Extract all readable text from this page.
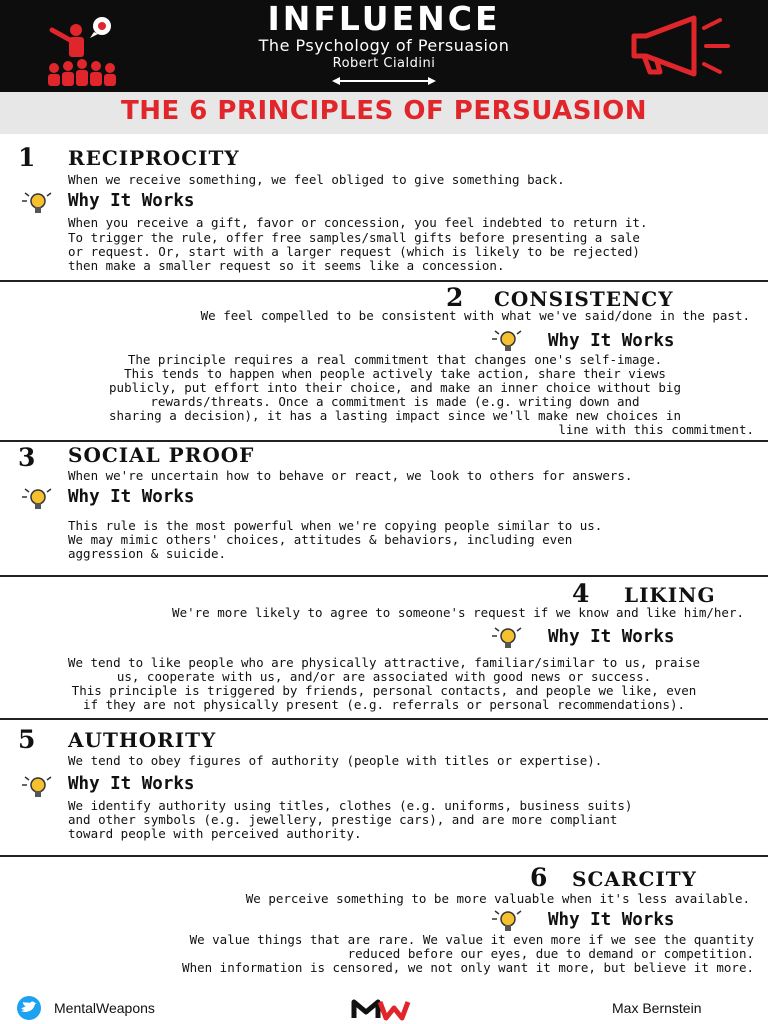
INFLUENCE
The Psychology of Persuasion
Robert Cialdini
THE 6 PRINCIPLES OF PERSUASION
1 RECIPROCITY
When we receive something, we feel obliged to give something back.
Why It Works
When you receive a gift, favor or concession, you feel indebted to return it.
To trigger the rule, offer free samples/small gifts before presenting a sale
or request. Or, start with a larger request (which is likely to be rejected)
then make a smaller request so it seems like a concession.
2 CONSISTENCY
We feel compelled to be consistent with what we've said/done in the past.
Why It Works
The principle requires a real commitment that changes one's self-image.
This tends to happen when people actively take action, share their views
publicly, put effort into their choice, and make an inner choice without big
rewards/threats. Once a commitment is made (e.g. writing down and
sharing a decision), it has a lasting impact since we'll make new choices in
line with this commitment.
3 SOCIAL PROOF
When we're uncertain how to behave or react, we look to others for answers.
Why It Works
This rule is the most powerful when we're copying people similar to us.
We may mimic others' choices, attitudes & behaviors, including even
aggression & suicide.
4 LIKING
We're more likely to agree to someone's request if we know and like him/her.
Why It Works
We tend to like people who are physically attractive, familiar/similar to us, praise
us, cooperate with us, and/or are associated with good news or success.
This principle is triggered by friends, personal contacts, and people we like, even
if they are not physically present (e.g. referrals or personal recommendations).
5 AUTHORITY
We tend to obey figures of authority (people with titles or expertise).
Why It Works
We identify authority using titles, clothes (e.g. uniforms, business suits)
and other symbols (e.g. jewellery, prestige cars), and are more compliant
toward people with perceived authority.
6 SCARCITY
We perceive something to be more valuable when it's less available.
Why It Works
We value things that are rare. We value it even more if we see the quantity
reduced before our eyes, due to demand or competition.
When information is censored, we not only want it more, but believe it more.
MentalWeapons	Max Bernstein
